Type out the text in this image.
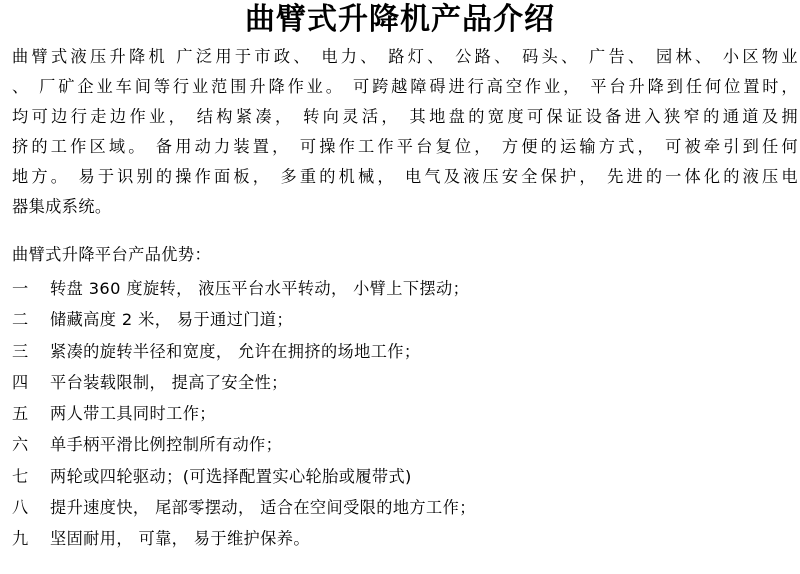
曲臂式升降机产品介绍
曲臂式液压升降机 广泛用于市政、 电力、 路灯、 公路、 码头、 广告、 园林、 小区物业
、 厂矿企业车间等行业范围升降作业。 可跨越障碍进行高空作业， 平台升降到任何位置时，
均可边行走边作业， 结构紧凑， 转向灵活， 其地盘的宽度可保证设备进入狭窄的通道及拥
挤的工作区域。 备用动力装置， 可操作工作平台复位， 方便的运输方式， 可被牵引到任何
地方。 易于识别的操作面板， 多重的机械， 电气及液压安全保护， 先进的一体化的液压电
器集成系统。
曲臂式升降平台产品优势：
一 转盘 360 度旋转， 液压平台水平转动， 小臂上下摆动；
二 储藏高度 2 米， 易于通过门道；
三 紧凑的旋转半径和宽度， 允许在拥挤的场地工作；
四 平台装载限制， 提高了安全性；
五 两人带工具同时工作；
六 单手柄平滑比例控制所有动作；
七 两轮或四轮驱动；(可选择配置实心轮胎或履带式)
八 提升速度快， 尾部零摆动， 适合在空间受限的地方工作；
九 坚固耐用， 可靠， 易于维护保养。
